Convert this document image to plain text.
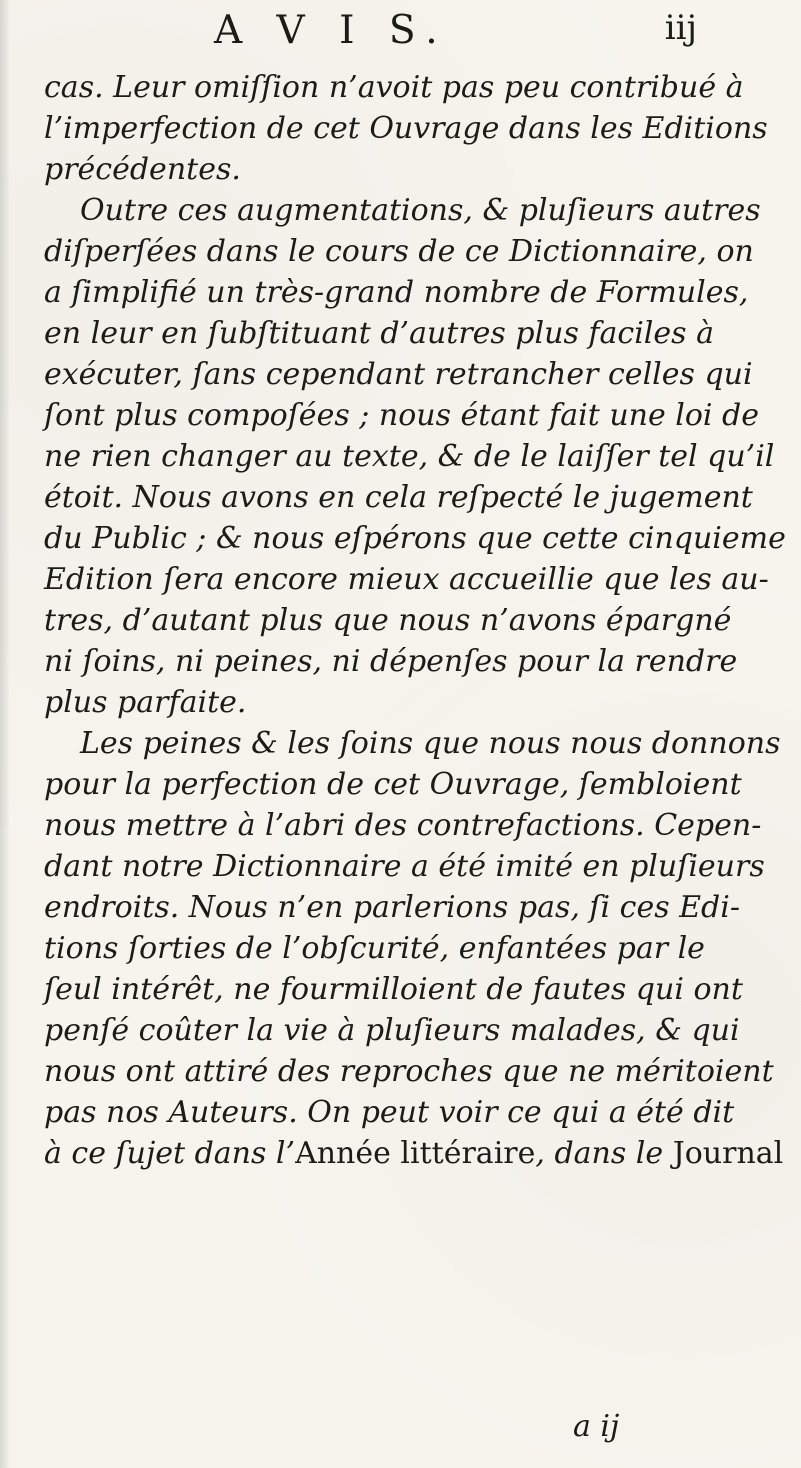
A V I S.	iij
cas. Leur omiſſion n’avoit pas peu contribué à
l’imperfection de cet Ouvrage dans les Editions
précédentes.
Outre ces augmentations, & pluſieurs autres
diſperſées dans le cours de ce Dictionnaire, on
a ſimplifié un très-grand nombre de Formules,
en leur en ſubſtituant d’autres plus faciles à
exécuter, ſans cependant retrancher celles qui
ſont plus compoſées ; nous étant fait une loi de
ne rien changer au texte, & de le laiſſer tel qu’il
étoit. Nous avons en cela reſpecté le jugement
du Public ; & nous eſpérons que cette cinquieme
Edition ſera encore mieux accueillie que les au-
tres, d’autant plus que nous n’avons épargné
ni ſoins, ni peines, ni dépenſes pour la rendre
plus parfaite.
Les peines & les ſoins que nous nous donnons
pour la perfection de cet Ouvrage, ſembloient
nous mettre à l’abri des contrefactions. Cepen-
dant notre Dictionnaire a été imité en pluſieurs
endroits. Nous n’en parlerions pas, ſi ces Edi-
tions ſorties de l’obſcurité, enfantées par le
ſeul intérêt, ne fourmilloient de fautes qui ont
penſé coûter la vie à pluſieurs malades, & qui
nous ont attiré des reproches que ne méritoient
pas nos Auteurs. On peut voir ce qui a été dit
à ce ſujet dans l’Année littéraire, dans le Journal
a ij
